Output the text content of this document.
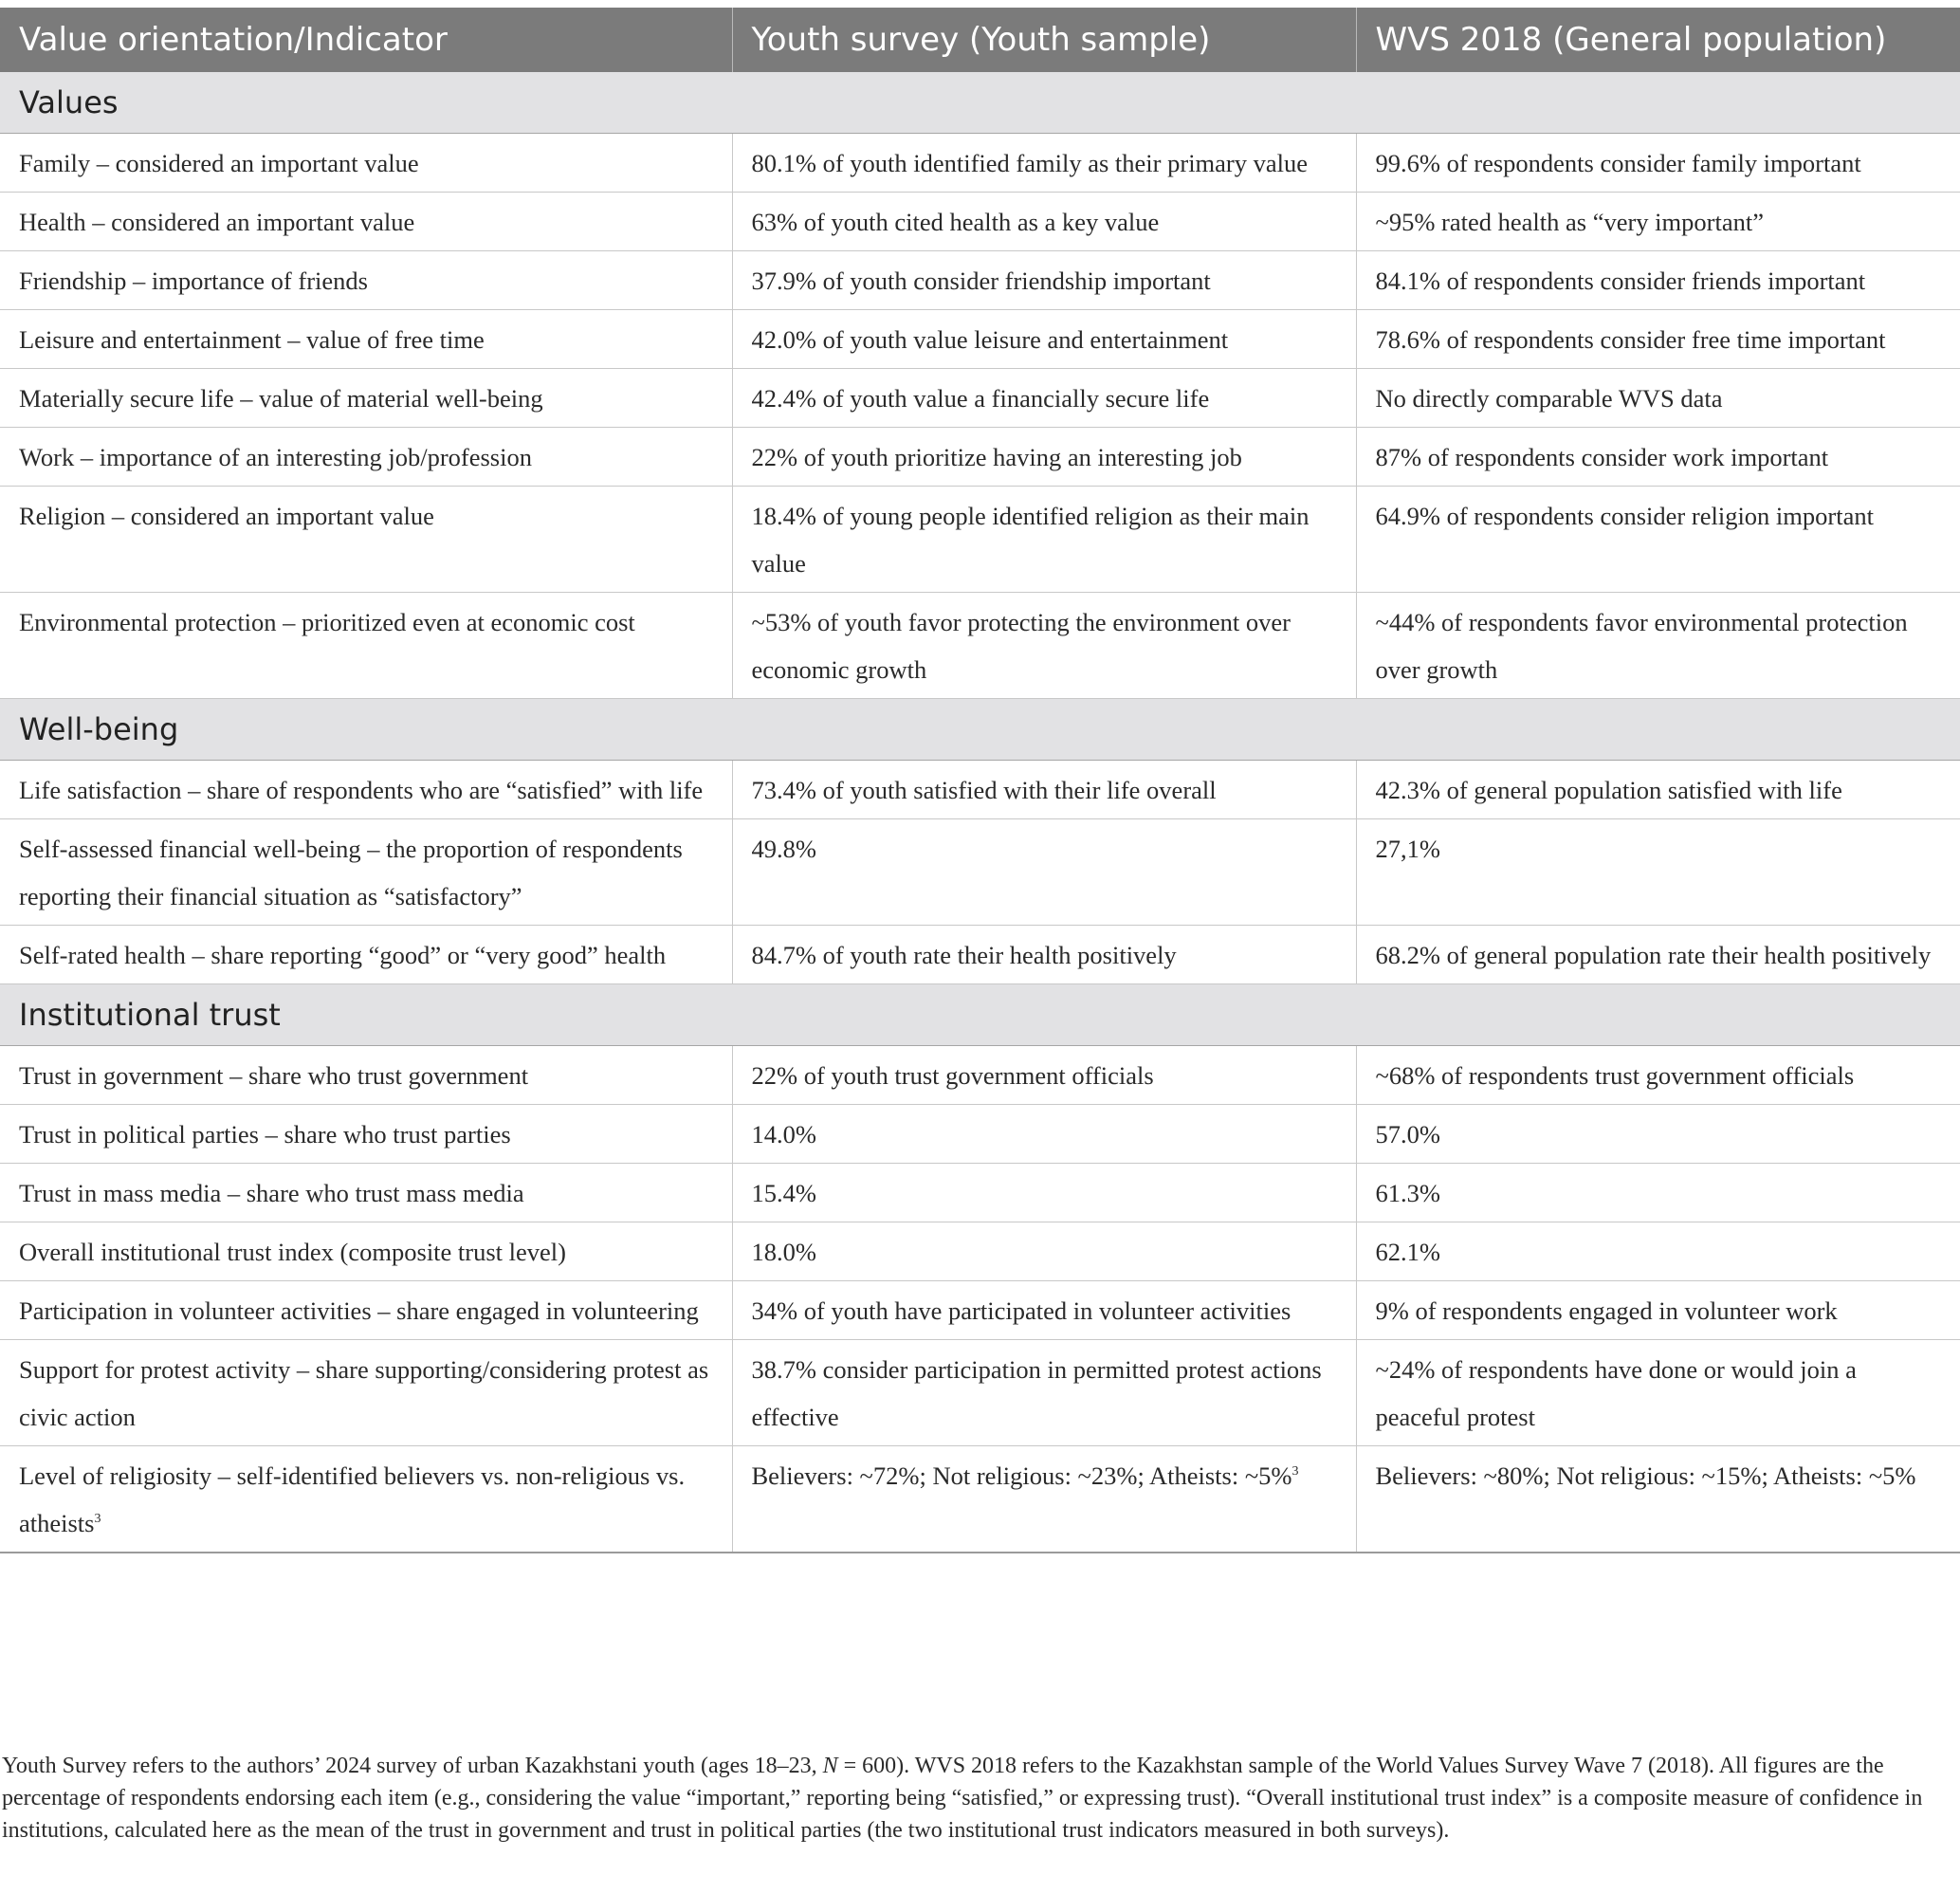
Value orientation/Indicator	Youth survey (Youth sample)	WVS 2018 (General population)
Values		
Family – considered an important value	80.1% of youth identified family as their primary value	99.6% of respondents consider family important
Health – considered an important value	63% of youth cited health as a key value	~95% rated health as “very important”
Friendship – importance of friends	37.9% of youth consider friendship important	84.1% of respondents consider friends important
Leisure and entertainment – value of free time	42.0% of youth value leisure and entertainment	78.6% of respondents consider free time important
Materially secure life – value of material well-being	42.4% of youth value a financially secure life	No directly comparable WVS data
Work – importance of an interesting job/profession	22% of youth prioritize having an interesting job	87% of respondents consider work important
Religion – considered an important value	18.4% of young people identified religion as their main value	64.9% of respondents consider religion important
Environmental protection – prioritized even at economic cost	~53% of youth favor protecting the environment over economic growth	~44% of respondents favor environmental protection over growth
Well-being		
Life satisfaction – share of respondents who are “satisfied” with life	73.4% of youth satisfied with their life overall	42.3% of general population satisfied with life
Self-assessed financial well-being – the proportion of respondents reporting their financial situation as “satisfactory”	49.8%	27,1%
Self-rated health – share reporting “good” or “very good” health	84.7% of youth rate their health positively	68.2% of general population rate their health positively
Institutional trust		
Trust in government – share who trust government	22% of youth trust government officials	~68% of respondents trust government officials
Trust in political parties – share who trust parties	14.0%	57.0%
Trust in mass media – share who trust mass media	15.4%	61.3%
Overall institutional trust index (composite trust level)	18.0%	62.1%
Participation in volunteer activities – share engaged in volunteering	34% of youth have participated in volunteer activities	9% of respondents engaged in volunteer work
Support for protest activity – share supporting/considering protest as civic action	38.7% consider participation in permitted protest actions effective	~24% of respondents have done or would join a peaceful protest
Level of religiosity – self-identified believers vs. non-religious vs. atheists$^3$	Believers: ~72%; Not religious: ~23%; Atheists: ~5%$^3$	Believers: ~80%; Not religious: ~15%; Atheists: ~5%
Youth Survey refers to the authors’ 2024 survey of urban Kazakhstani youth (ages 18–23, N = 600). WVS 2018 refers to the Kazakhstan sample of the World Values Survey Wave 7 (2018). All figures are the percentage of respondents endorsing each item (e.g., considering the value “important,” reporting being “satisfied,” or expressing trust). “Overall institutional trust index” is a composite measure of confidence in institutions, calculated here as the mean of the trust in government and trust in political parties (the two institutional trust indicators measured in both surveys).
